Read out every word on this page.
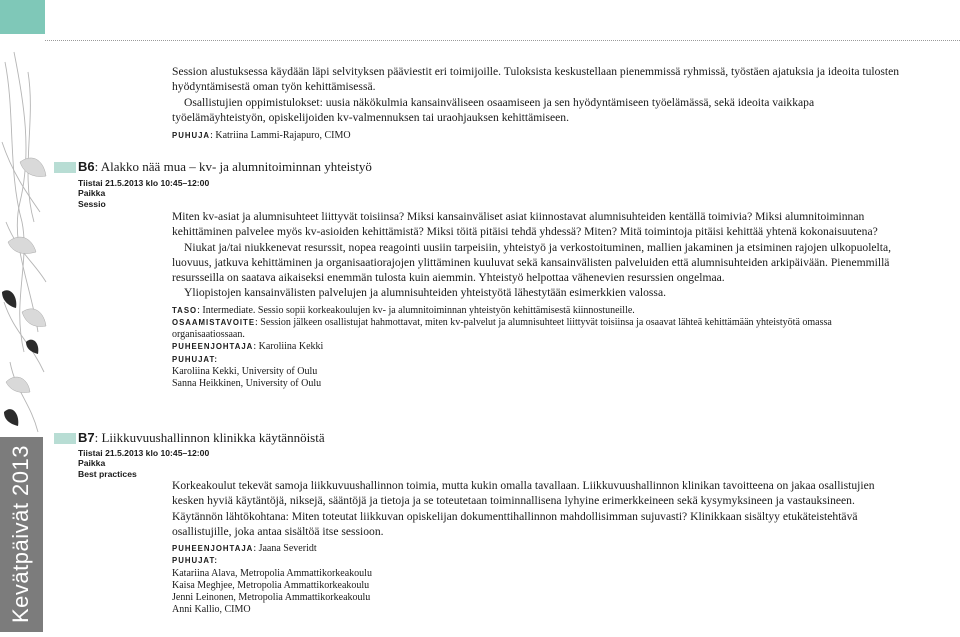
Kevätpäivät 2013

Session alustuksessa käydään läpi selvityksen pääviestit eri toimijoille. Tuloksista keskustellaan pienemmissä ryhmissä, työstäen ajatuksia ja ideoita tulosten hyödyntämisestä oman työn kehittämisessä.

Osallistujien oppimistulokset: uusia näkökulmia kansainväliseen osaamiseen ja sen hyödyntämiseen työelämässä, sekä ideoita vaikkapa työelämäyhteistyön, opiskelijoiden kv-valmennuksen tai uraohjauksen kehittämiseen.

PUHUJA: Katriina Lammi-Rajapuro, CIMO

B6: Alakko nää mua – kv- ja alumnitoiminnan yhteistyö
Tiistai 21.5.2013 klo 10:45–12:00
Paikka
Sessio

Miten kv-asiat ja alumnisuhteet liittyvät toisiinsa? Miksi kansainväliset asiat kiinnostavat alumnisuhteiden kentällä toimivia? Miksi alumnitoiminnan kehittäminen palvelee myös kv-asioiden kehittämistä? Miksi töitä pitäisi tehdä yhdessä? Miten? Mitä toimintoja pitäisi kehittää yhtenä kokonaisuutena?

Niukat ja/tai niukkenevat resurssit, nopea reagointi uusiin tarpeisiin, yhteistyö ja verkostoituminen, mallien jakaminen ja etsiminen rajojen ulkopuolelta, luovuus, jatkuva kehittäminen ja organisaatiorajojen ylittäminen kuuluvat sekä kansainvälisten palveluiden että alumnisuhteiden arkipäivään. Pienemmillä resursseilla on saatava aikaiseksi enemmän tulosta kuin aiemmin. Yhteistyö helpottaa vähenevien resurssien ongelmaa.

Yliopistojen kansainvälisten palvelujen ja alumnisuhteiden yhteistyötä lähestytään esimerkkien valossa.

TASO: Intermediate. Sessio sopii korkeakoulujen kv- ja alumnitoiminnan yhteistyön kehittämisestä kiinnostuneille.

OSAAMISTAVOITE: Session jälkeen osallistujat hahmottavat, miten kv-palvelut ja alumnisuhteet liittyvät toisiinsa ja osaavat lähteä kehittämään yhteistyötä omassa organisaatiossaan.

PUHEENJOHTAJA: Karoliina Kekki

PUHUJAT:

Karoliina Kekki, University of Oulu

Sanna Heikkinen, University of Oulu

B7: Liikkuvuushallinnon klinikka käytännöistä
Tiistai 21.5.2013 klo 10:45–12:00
Paikka
Best practices

Korkeakoulut tekevät samoja liikkuvuushallinnon toimia, mutta kukin omalla tavallaan. Liikkuvuushallinnon klinikan tavoitteena on jakaa osallistujien kesken hyviä käytäntöjä, niksejä, sääntöjä ja tietoja ja se toteutetaan toiminnallisena lyhyine erimerkkeineen sekä kysymyksineen ja vastauksineen. Käytännön lähtökohtana: Miten toteutat liikkuvan opiskelijan dokumenttihallinnon mahdollisimman sujuvasti? Klinikkaan sisältyy etukäteistehtävä osallistujille, joka antaa sisältöä itse sessioon.

PUHEENJOHTAJA: Jaana Severidt

PUHUJAT:

Katariina Alava, Metropolia Ammattikorkeakoulu

Kaisa Meghjee, Metropolia Ammattikorkeakoulu

Jenni Leinonen, Metropolia Ammattikorkeakoulu

Anni Kallio, CIMO
